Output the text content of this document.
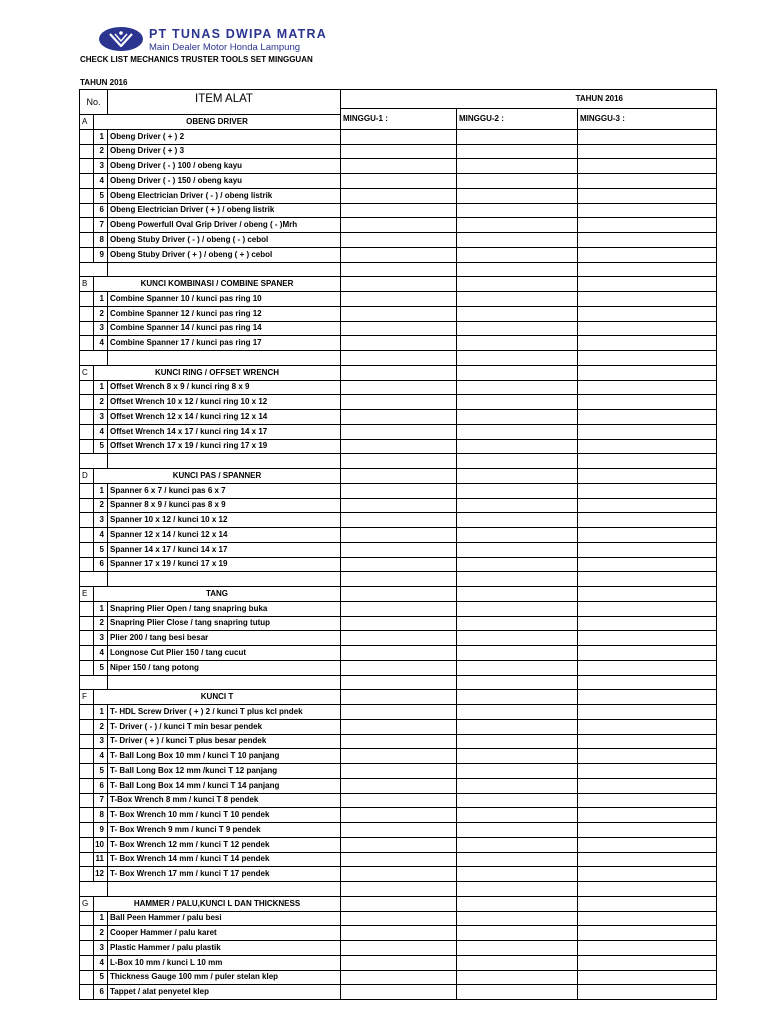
PT TUNAS DWIPA MATRA
Main Dealer Motor Honda Lampung
CHECK LIST MECHANICS TRUSTER TOOLS SET MINGGUAN
TAHUN 2016
No.		ITEM ALAT	TAHUN 2016		
			MINGGU-1 :	MINGGU-2 :	MINGGU-3 :
A	OBENG DRIVER				
	1	Obeng Driver ( + ) 2			
	2	Obeng Driver ( + ) 3			
	3	Obeng Driver ( - ) 100 / obeng kayu			
	4	Obeng Driver ( - ) 150 / obeng kayu			
	5	Obeng Electrician Driver ( - ) / obeng listrik			
	6	Obeng Electrician Driver ( + ) / obeng listrik			
	7	Obeng Powerfull Oval Grip Driver / obeng ( - )Mrh			
	8	Obeng Stuby Driver ( - ) / obeng ( - ) cebol			
	9	Obeng Stuby Driver ( + ) / obeng ( + ) cebol			

B	KUNCI KOMBINASI / COMBINE SPANER				
	1	Combine Spanner 10 / kunci pas ring 10			
	2	Combine Spanner 12 / kunci pas ring 12			
	3	Combine Spanner 14 / kunci pas ring 14			
	4	Combine Spanner 17 / kunci pas ring 17			

C	KUNCI RING / OFFSET WRENCH				
	1	Offset Wrench 8 x 9 / kunci ring 8 x 9			
	2	Offset Wrench 10 x 12 / kunci ring 10 x 12			
	3	Offset Wrench 12 x 14 / kunci ring 12 x 14			
	4	Offset Wrench 14 x 17 / kunci ring 14 x 17			
	5	Offset Wrench 17 x 19 / kunci ring 17 x 19			

D	KUNCI PAS / SPANNER				
	1	Spanner 6 x 7 / kunci pas 6 x 7			
	2	Spanner 8 x 9 / kunci pas 8 x 9			
	3	Spanner 10 x 12 / kunci 10 x 12			
	4	Spanner 12 x 14 / kunci 12 x 14			
	5	Spanner 14 x 17 / kunci 14 x 17			
	6	Spanner 17 x 19 / kunci 17 x 19			

E	TANG				
	1	Snapring Plier Open / tang snapring buka			
	2	Snapring Plier Close / tang snapring tutup			
	3	Plier 200 / tang besi besar			
	4	Longnose Cut Plier 150 / tang cucut			
	5	Niper 150 / tang potong			

F	KUNCI T				
	1	T- HDL Screw Driver ( + ) 2 / kunci T plus kcl pndek			
	2	T- Driver ( - ) / kunci T min besar pendek			
	3	T- Driver ( + ) / kunci T plus besar pendek			
	4	T- Ball Long Box 10 mm / kunci T 10 panjang			
	5	T- Ball Long Box 12 mm /kunci T 12 panjang			
	6	T- Ball Long Box 14 mm / kunci T 14 panjang			
	7	T-Box Wrench 8 mm / kunci T 8 pendek			
	8	T- Box Wrench 10 mm / kunci T 10 pendek			
	9	T- Box Wrench 9 mm / kunci T 9 pendek			
	10	T- Box Wrench 12 mm / kunci T 12 pendek			
	11	T- Box Wrench 14 mm / kunci T 14 pendek			
	12	T- Box Wrench 17 mm / kunci T 17 pendek			

G	HAMMER / PALU,KUNCI L DAN THICKNESS				
	1	Ball Peen Hammer / palu besi			
	2	Cooper Hammer / palu karet			
	3	Plastic Hammer / palu plastik			
	4	L-Box 10 mm / kunci L 10 mm			
	5	Thickness Gauge 100 mm / puler stelan klep			
	6	Tappet / alat penyetel klep			
